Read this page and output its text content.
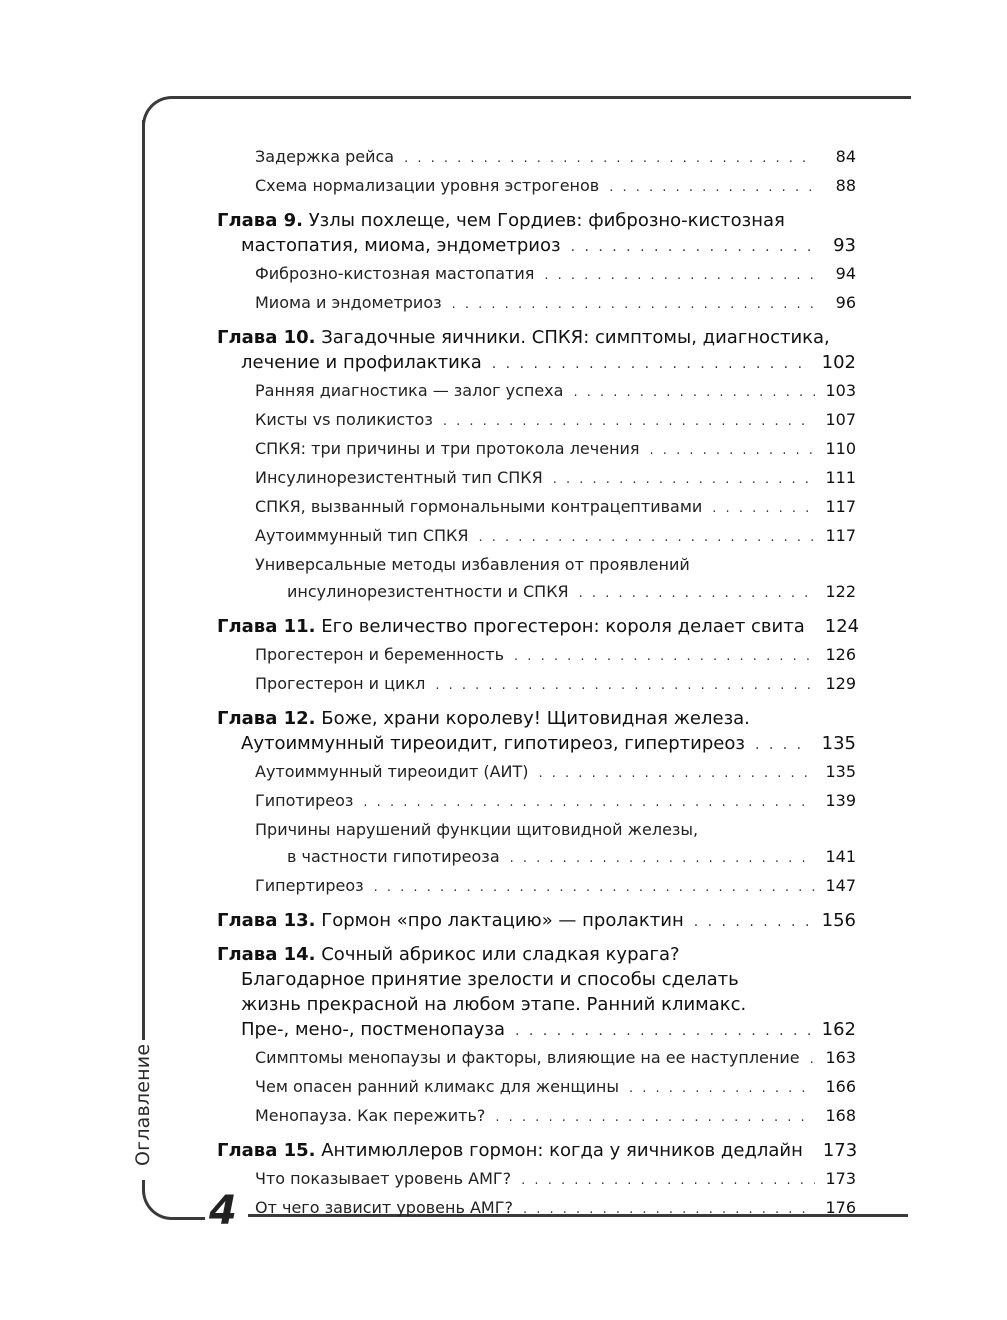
Оглавление
4
Задержка рейса . . .	84
Схема нормализации уровня эстрогенов . . .	88
Глава 9. Узлы похлеще, чем Гордиев: фиброзно-кистозная
мастопатия, миома, эндометриоз . . .	93
Фиброзно-кистозная мастопатия . . .	94
Миома и эндометриоз . . .	96
Глава 10. Загадочные яичники. СПКЯ: симптомы, диагностика,
лечение и профилактика . . .	102
Ранняя диагностика — залог успеха . . .	103
Кисты vs поликистоз . . .	107
СПКЯ: три причины и три протокола лечения . . .	110
Инсулинорезистентный тип СПКЯ . . .	111
СПКЯ, вызванный гормональными контрацептивами . . .	117
Аутоиммунный тип СПКЯ . . .	117
Универсальные методы избавления от проявлений
инсулинорезистентности и СПКЯ . . .	122
Глава 11. Его величество прогестерон: короля делает свита 124
Прогестерон и беременность . . .	126
Прогестерон и цикл . . .	129
Глава 12. Боже, храни королеву! Щитовидная железа.
Аутоиммунный тиреоидит, гипотиреоз, гипертиреоз . . .	135
Аутоиммунный тиреоидит (АИТ) . . .	135
Гипотиреоз . . .	139
Причины нарушений функции щитовидной железы,
в частности гипотиреоза . . .	141
Гипертиреоз . . .	147
Глава 13. Гормон «про лактацию» — пролактин . . .	156
Глава 14. Сочный абрикос или сладкая курага?
Благодарное принятие зрелости и способы сделать
жизнь прекрасной на любом этапе. Ранний климакс.
Пре-, мено-, постменопауза . . .	162
Симптомы менопаузы и факторы, влияющие на ее наступление . . . 163
Чем опасен ранний климакс для женщины . . .	166
Менопауза. Как пережить? . . .	168
Глава 15. Антимюллеров гормон: когда у яичников дедлайн 173
Что показывает уровень АМГ? . . .	173
От чего зависит уровень АМГ? . . .	176
